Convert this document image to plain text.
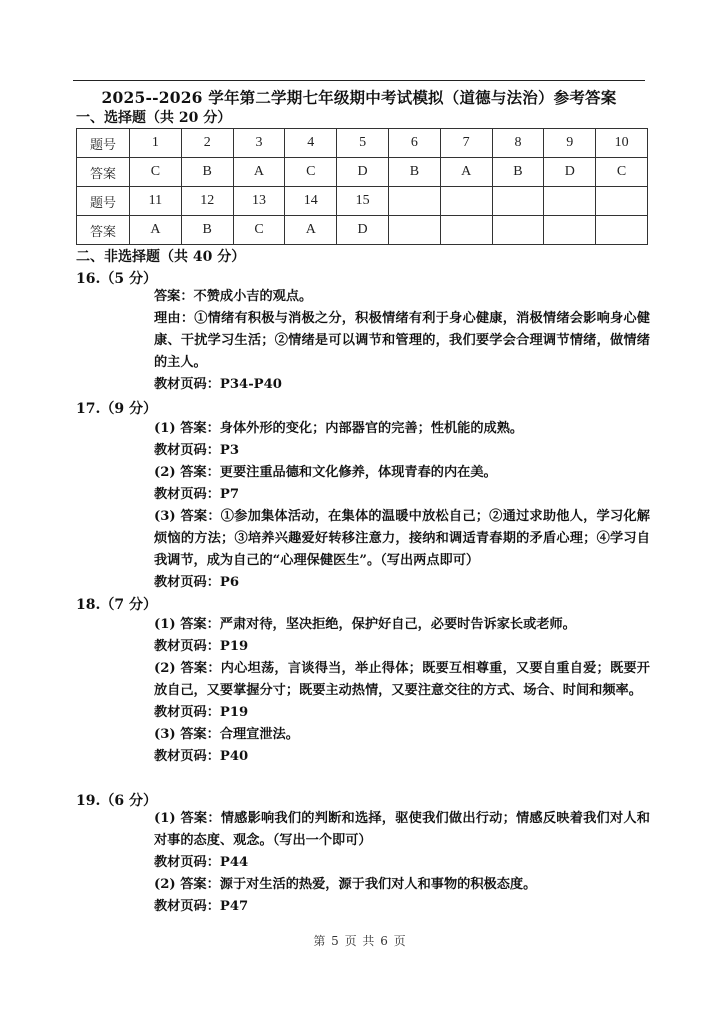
2025--2026 学年第二学期七年级期中考试模拟（道德与法治）参考答案
一、选择题（共 20 分）
题号	1	2	3	4	5	6	7	8	9	10
答案	C	B	A	C	D	B	A	B	D	C
题号	11	12	13	14	15					
答案	A	B	C	A	D					
二、非选择题（共 40 分）
16.（5 分）

答案：不赞成小吉的观点。

理由：①情绪有积极与消极之分，积极情绪有利于身心健康，消极情绪会影响身心健康、干扰学习生活；②情绪是可以调节和管理的，我们要学会合理调节情绪，做情绪的主人。

教材页码：P34-P40

17.（9 分）

(1) 答案：身体外形的变化；内部器官的完善；性机能的成熟。

教材页码：P3

(2) 答案：更要注重品德和文化修养，体现青春的内在美。

教材页码：P7

(3) 答案：①参加集体活动，在集体的温暖中放松自己；②通过求助他人，学习化解烦恼的方法；③培养兴趣爱好转移注意力，接纳和调适青春期的矛盾心理；④学习自我调节，成为自己的“心理保健医生”。（写出两点即可）

教材页码：P6

18.（7 分）

(1) 答案：严肃对待，坚决拒绝，保护好自己，必要时告诉家长或老师。

教材页码：P19

(2) 答案：内心坦荡，言谈得当，举止得体；既要互相尊重，又要自重自爱；既要开放自己，又要掌握分寸；既要主动热情，又要注意交往的方式、场合、时间和频率。

教材页码：P19

(3) 答案：合理宣泄法。

教材页码：P40

19.（6 分）

(1) 答案：情感影响我们的判断和选择，驱使我们做出行动；情感反映着我们对人和对事的态度、观念。（写出一个即可）

教材页码：P44

(2) 答案：源于对生活的热爱，源于我们对人和事物的积极态度。

教材页码：P47

第 5 页 共 6 页
